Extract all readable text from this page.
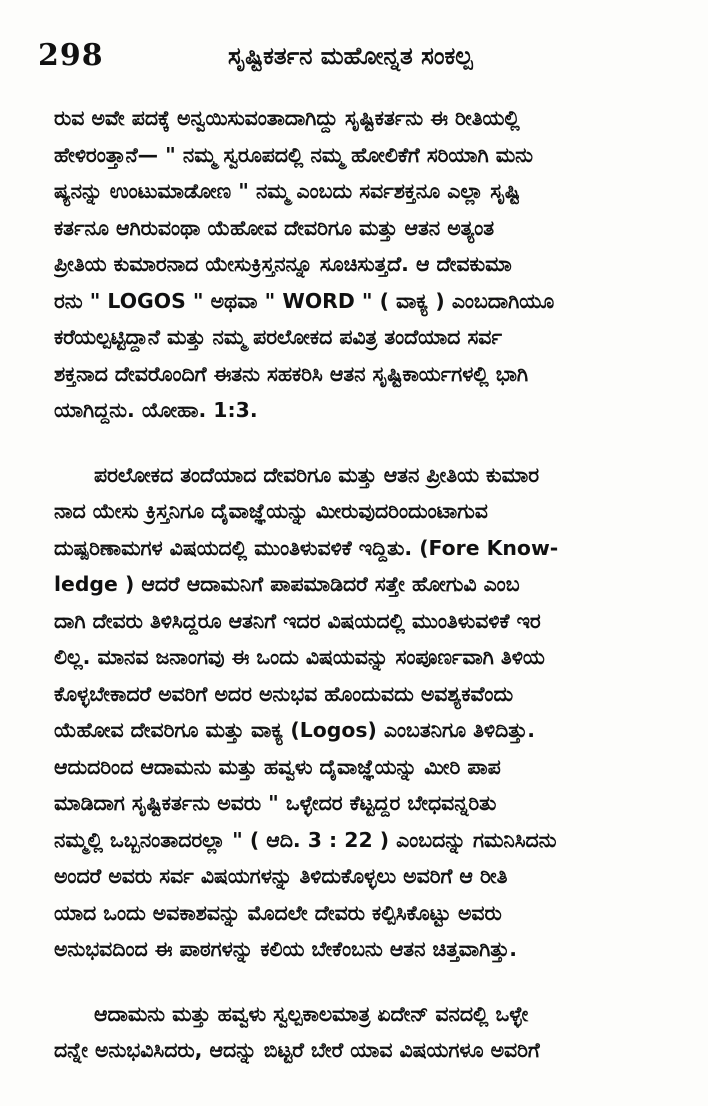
298	ಸೃಷ್ಟಿಕರ್ತನ ಮಹೋನ್ನತ ಸಂಕಲ್ಪ
ರುವ ಅವೇ ಪದಕ್ಕೆ ಅನ್ವಯಿಸುವಂತಾದಾಗಿದ್ದು ಸೃಷ್ಟಿಕರ್ತನು ಈ ರೀತಿಯಲ್ಲಿ
ಹೇಳಿರಂತ್ತಾನೆ— " ನಮ್ಮ ಸ್ವರೂಪದಲ್ಲಿ ನಮ್ಮ ಹೋಲಿಕೆಗೆ ಸರಿಯಾಗಿ ಮನು
ಷ್ಯನನ್ನು ಉಂಟುಮಾಡೋಣ " ನಮ್ಮ ಎಂಬದು ಸರ್ವಶಕ್ತನೂ ಎಲ್ಲಾ ಸೃಷ್ಟಿ
ಕರ್ತನೂ ಆಗಿರುವಂಥಾ ಯೆಹೋವ ದೇವರಿಗೂ ಮತ್ತು ಆತನ ಅತ್ಯಂತ
ಪ್ರೀತಿಯ ಕುಮಾರನಾದ ಯೇಸುಕ್ರಿಸ್ತನನ್ನೂ ಸೂಚಿಸುತ್ತದೆ. ಆ ದೇವಕುಮಾ
ರನು " LOGOS " ಅಥವಾ " WORD " ( ವಾಕ್ಯ ) ಎಂಬದಾಗಿಯೂ
ಕರೆಯಲ್ಪಟ್ಟಿದ್ದಾನೆ ಮತ್ತು ನಮ್ಮ ಪರಲೋಕದ ಪವಿತ್ರ ತಂದೆಯಾದ ಸರ್ವ
ಶಕ್ತನಾದ ದೇವರೊಂದಿಗೆ ಈತನು ಸಹಕರಿಸಿ ಆತನ ಸೃಷ್ಟಿಕಾರ್ಯಗಳಲ್ಲಿ ಭಾಗಿ
ಯಾಗಿದ್ದನು. ಯೋಹಾ. 1:3.
ಪರಲೋಕದ ತಂದೆಯಾದ ದೇವರಿಗೂ ಮತ್ತು ಆತನ ಪ್ರೀತಿಯ ಕುಮಾರ
ನಾದ ಯೇಸು ಕ್ರಿಸ್ತನಿಗೂ ದೈವಾಜ್ಞೆಯನ್ನು ಮೀರುವುದರಿಂದುಂಟಾಗುವ
ದುಷ್ಪರಿಣಾಮಗಳ ವಿಷಯದಲ್ಲಿ ಮುಂತಿಳುವಳಿಕೆ ಇದ್ದಿತು. (Fore Know-
ledge ) ಆದರೆ ಆದಾಮನಿಗೆ ಪಾಪಮಾಡಿದರೆ ಸತ್ತೇ ಹೋಗುವಿ ಎಂಬ
ದಾಗಿ ದೇವರು ತಿಳಿಸಿದ್ದರೂ ಆತನಿಗೆ ಇದರ ವಿಷಯದಲ್ಲಿ ಮುಂತಿಳುವಳಿಕೆ ಇರ
ಲಿಲ್ಲ. ಮಾನವ ಜನಾಂಗವು ಈ ಒಂದು ವಿಷಯವನ್ನು ಸಂಪೂರ್ಣವಾಗಿ ತಿಳಿಯ
ಕೊಳ್ಳಬೇಕಾದರೆ ಅವರಿಗೆ ಅದರ ಅನುಭವ ಹೊಂದುವದು ಅವಶ್ಯಕವೆಂದು
ಯೆಹೋವ ದೇವರಿಗೂ ಮತ್ತು ವಾಕ್ಯ (Logos) ಎಂಬತನಿಗೂ ತಿಳಿದಿತ್ತು.
ಆದುದರಿಂದ ಆದಾಮನು ಮತ್ತು ಹವ್ವಳು ದೈವಾಜ್ಞೆಯನ್ನು ಮೀರಿ ಪಾಪ
ಮಾಡಿದಾಗ ಸೃಷ್ಟಿಕರ್ತನು ಅವರು " ಒಳ್ಳೇದರ ಕೆಟ್ಟದ್ದರ ಬೇಧವನ್ನರಿತು
ನಮ್ಮಲ್ಲಿ ಒಬ್ಬನಂತಾದರಲ್ಲಾ " ( ಆದಿ. 3 : 22 ) ಎಂಬದನ್ನು ಗಮನಿಸಿದನು
ಅಂದರೆ ಅವರು ಸರ್ವ ವಿಷಯಗಳನ್ನು ತಿಳಿದುಕೊಳ್ಳಲು ಅವರಿಗೆ ಆ ರೀತಿ
ಯಾದ ಒಂದು ಅವಕಾಶವನ್ನು ಮೊದಲೇ ದೇವರು ಕಲ್ಪಿಸಿಕೊಟ್ಟು ಅವರು
ಅನುಭವದಿಂದ ಈ ಪಾಠಗಳನ್ನು ಕಲಿಯ ಬೇಕೆಂಬನು ಆತನ ಚಿತ್ತವಾಗಿತ್ತು.
ಆದಾಮನು ಮತ್ತು ಹವ್ವಳು ಸ್ವಲ್ಪಕಾಲಮಾತ್ರ ಏದೇನ್ ವನದಲ್ಲಿ ಒಳ್ಳೇ
ದನ್ನೇ ಅನುಭವಿಸಿದರು, ಆದನ್ನು ಬಿಟ್ಟರೆ ಬೇರೆ ಯಾವ ವಿಷಯಗಳೂ ಅವರಿಗೆ
